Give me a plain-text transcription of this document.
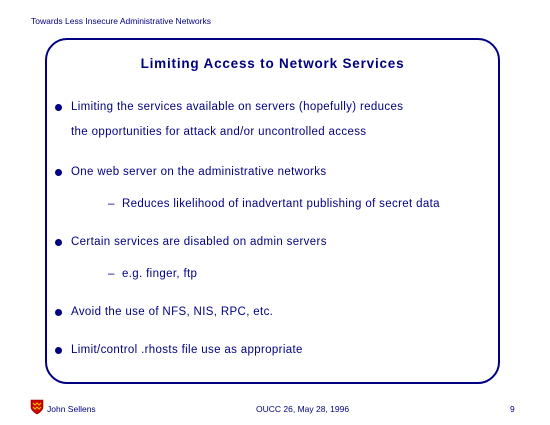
Towards Less Insecure Administrative Networks
Limiting Access to Network Services
Limiting the services available on servers (hopefully) reduces
the opportunities for attack and/or uncontrolled access
One web server on the administrative networks
– Reduces likelihood of inadvertant publishing of secret data
Certain services are disabled on admin servers
– e.g. finger, ftp
Avoid the use of NFS, NIS, RPC, etc.
Limit/control .rhosts file use as appropriate
John Sellens	OUCC 26, May 28, 1996	9
